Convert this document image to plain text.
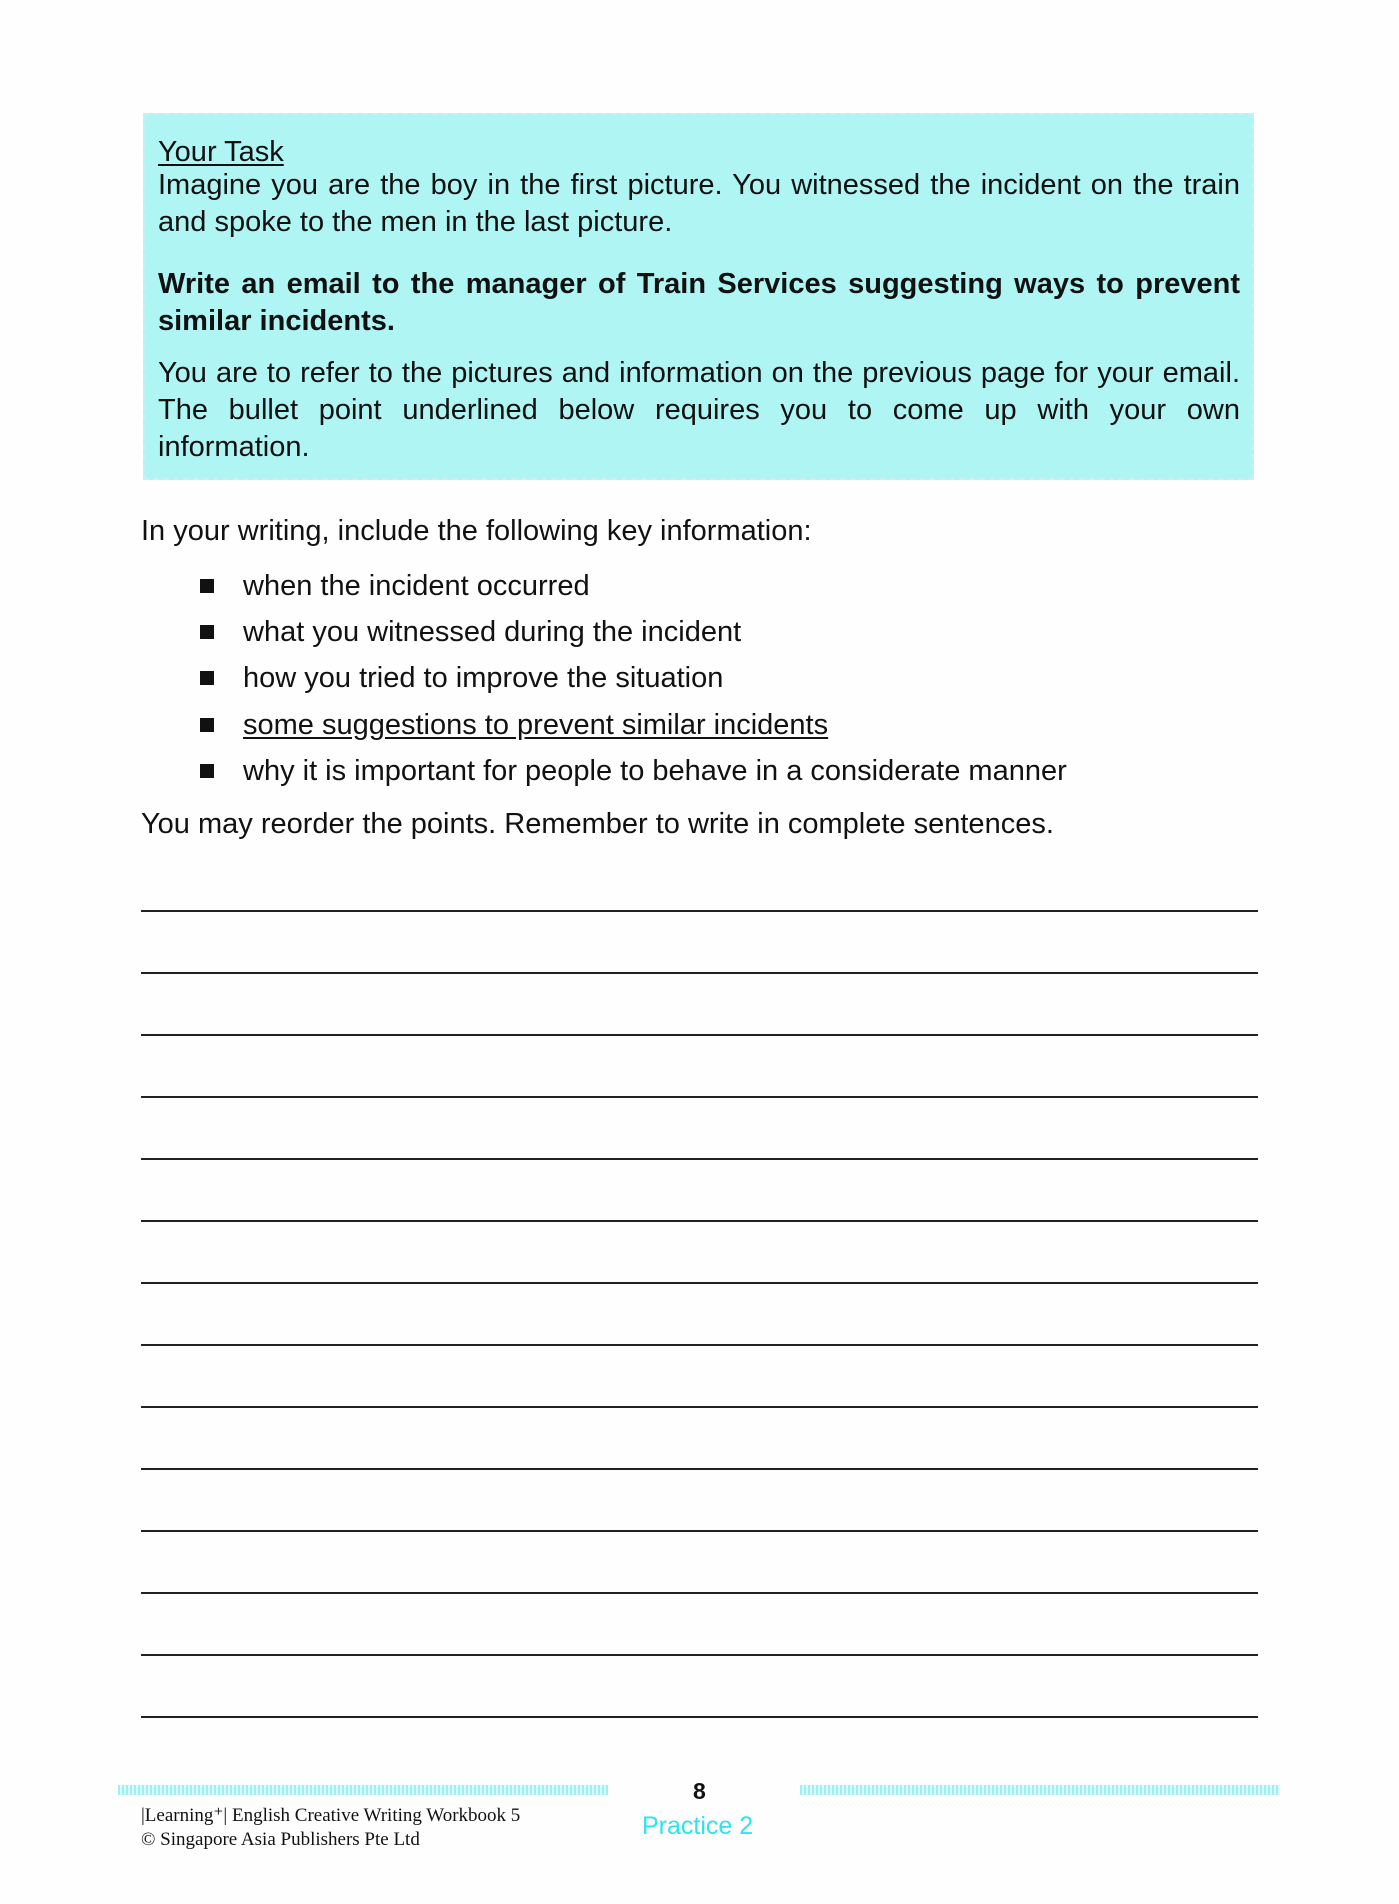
Your Task
Imagine you are the boy in the first picture. You witnessed the incident on the train and spoke to the men in the last picture.
Write an email to the manager of Train Services suggesting ways to prevent similar incidents.
You are to refer to the pictures and information on the previous page for your email. The bullet point underlined below requires you to come up with your own information.
In your writing, include the following key information:
when the incident occurred
what you witnessed during the incident
how you tried to improve the situation
some suggestions to prevent similar incidents
why it is important for people to behave in a considerate manner
You may reorder the points. Remember to write in complete sentences.
8
Practice 2
|Learning⁺| English Creative Writing Workbook 5
© Singapore Asia Publishers Pte Ltd
